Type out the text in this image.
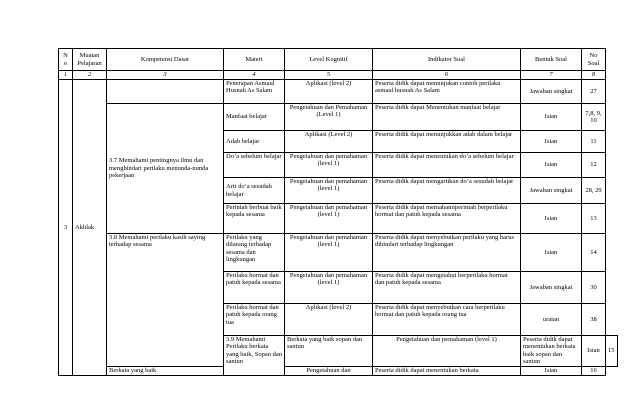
N o	Muatan Pelajaran	Kompetensi Dasar	Materi	Level Kognitif	Indikator Soal	Bentuk Soal	No Soal	
1	2	3	4	5	6	7	8	
3	Akhlak		Penerapan Asmaul Husnah As Salam	Aplikasi (level 2)	Peserta didik dapat menunjukan contoh perilaku asmaul husnah As Salam	Jawaban singkat	27	
		3.7 Memahami pentingnya ilmu dan menghindari perilaku menunda-nunda pekerjaan	Manfaat belajar	Pengetahuan dan Pemahaman (Level 1)	Peserta didik dapat Menentukan manfaat belajar	Isian	7,8, 9, 10	
			Adab belajar	Aplikasi (Level 2)	Peserta didik dapat menunjukkan adab dalam belajar	Isian	11	
			Do’a sebelum belajar	Pengetahuan dan pemahaman (level 1)	Peserta didik dapat menentukan do’a sebelum belajar	Isian	12	
			Arti do’a sesudah belajar	Pengetahuan dan pemahaman (level 1)	Peserta didik dapat mengartikan do’a sesudah belajar	Jawaban singkat	28, 29	
			Perintah berbuat baik kepada sesama	Pengetahuan dan pemahaman (level 1)	Peserta didik dapat memahamiperintah berperilaku hormat dan patuh kepada sesama	Isian	13	
		3.8 Memahami perilaku kasih saying terhadap sesama	Perilaku yang dilarang terhadap sesama dan lingkungan	Pengetahuan dan pemahaman (level 1)	Peserta didik dapat menyebutkan perilaku yang harus dihindari terhadap lingkungan	Isian	14	
			Perilaku hormat dan patuh kepada sesama	Pengetahuan dan pemahaman (level 1)	Peserta didik dapat mengetahui berperilaku hormat dan patuh kepada sesama	Jawaban singkat	30	
			Perilaku hormat dan patuh kepada orang tua	Aplikasi (level 2)	Peserta didik dapat menyebutkan cara berperilaku hormat dan patuh kepada orang tua	uraian	38	
			3.9 Memahami Perilaku berkata yang baik, Sopan dan santun	Berkata yang baik sopan dan santun	Pengetahuan dan pemahaman (level 1)	Peserta didik dapat menentukan berkata baik sopan dan santun	Isian	15
		Berkata yang baik		Pengetahuan dan	Peserta didik dapat menentukan berkata	Isian	16	
